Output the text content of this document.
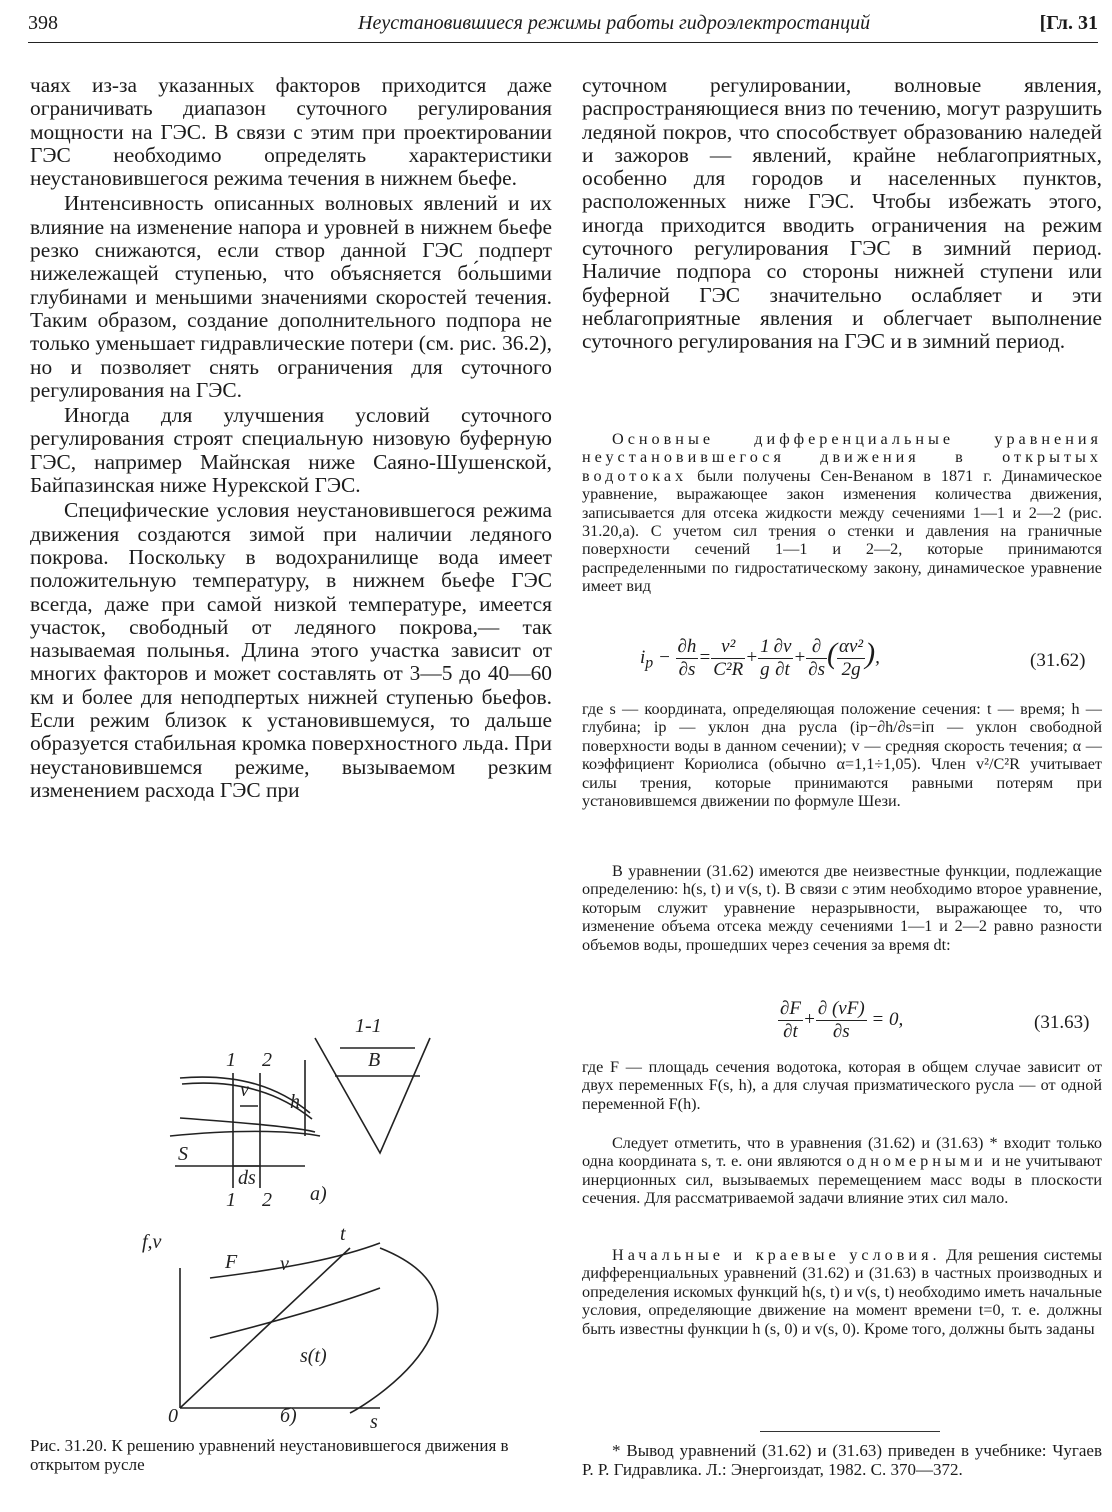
398	Неустановившиеся режимы работы гидроэлектростанций	[Гл. 31

чаях из-за указанных факторов приходится даже ограничивать диапазон суточного регулирования мощности на ГЭС. В связи с этим при проектировании ГЭС необходимо определять характеристики неустановившегося режима течения в нижнем бьефе.

Интенсивность описанных волновых явлений и их влияние на изменение напора и уровней в нижнем бьефе резко снижаются, если створ данной ГЭС подперт нижележащей ступенью, что объясняется бо́льшими глубинами и меньшими значениями скоростей течения. Таким образом, создание дополнительного подпора не только уменьшает гидравлические потери (см. рис. 36.2), но и позволяет снять ограничения для суточного регулирования на ГЭС.

Иногда для улучшения условий суточного регулирования строят специальную низовую буферную ГЭС, например Майнская ниже Саяно-Шушенской, Байпазинская ниже Нурекской ГЭС.

Специфические условия неустановившегося режима движения создаются зимой при наличии ледяного покрова. Поскольку в водохранилище вода имеет положительную температуру, в нижнем бьефе ГЭС всегда, даже при самой низкой температуре, имеется участок, свободный от ледяного покрова,— так называемая полынья. Длина этого участка зависит от многих факторов и может составлять от 3—5 до 40—60 км и более для неподпертых нижней ступенью бьефов. Если режим близок к установившемуся, то дальше образуется стабильная кромка поверхностного льда. При неустановившемся режиме, вызываемом резким изменением расхода ГЭС при

суточном регулировании, волновые явления, распространяющиеся вниз по течению, могут разрушить ледяной покров, что способствует образованию наледей и зажоров — явлений, крайне неблагоприятных, особенно для городов и населенных пунктов, расположенных ниже ГЭС. Чтобы избежать этого, иногда приходится вводить ограничения на режим суточного регулирования ГЭС в зимний период. Наличие подпора со стороны нижней ступени или буферной ГЭС значительно ослабляет и эти неблагоприятные явления и облегчает выполнение суточного регулирования на ГЭС и в зимний период.

Основные дифференциальные уравнения неустановившегося движения в открытых водотоках были получены Сен-Венаном в 1871 г. Динамическое уравнение, выражающее закон изменения количества движения, записывается для отсека жидкости между сечениями 1—1 и 2—2 (рис. 31.20,а). С учетом сил трения о стенки и давления на граничные поверхности сечений 1—1 и 2—2, которые принимаются распределенными по гидростатическому закону, динамическое уравнение имеет вид

$i_р - \frac{\partial h}{\partial s} = \frac{\text{v²}}{\text{C²R}} + \frac{1}{g} \frac{\partial v}{\partial t} + \frac{\partial}{\partial s}$ ( $\frac{\text{αv²}}{2g}$ ),	(31.62)

где s — координата, определяющая положение сечения: t — время; h — глубина; iр — уклон дна русла (iр−∂h/∂s=iп — уклон свободной поверхности воды в данном сечении); v — средняя скорость течения; α — коэффициент Кориолиса (обычно α=1,1÷1,05). Член v²/C²R учитывает силы трения, которые принимаются равными потерям при установившемся движении по формуле Шези.

В уравнении (31.62) имеются две неизвестные функции, подлежащие определению: h(s, t) и v(s, t). В связи с этим необходимо второе уравнение, которым служит уравнение неразрывности, выражающее то, что изменение объема отсека между сечениями 1—1 и 2—2 равно разности объемов воды, прошедших через сечения за время dt:

$\frac{\partial F}{\partial t} + \frac{\partial (vF)}{\partial s} = 0$,	(31.63)

где F — площадь сечения водотока, которая в общем случае зависит от двух переменных F(s, h), а для случая призматического русла — от одной переменной F(h).

Следует отметить, что в уравнения (31.62) и (31.63) * входит только одна координата s, т. е. они являются одномерными и не учитывают инерционных сил, вызываемых перемещением масс воды в плоскости сечения. Для рассматриваемой задачи влияние этих сил мало.

Начальные и краевые условия. Для решения системы дифференциальных уравнений (31.62) и (31.63) в частных производных и определения искомых функций h(s, t) и v(s, t) необходимо иметь начальные условия, определяющие движение на момент времени t=0, т. е. должны быть известны функции h (s, 0) и v(s, 0). Кроме того, должны быть заданы

* Вывод уравнений (31.62) и (31.63) приведен в учебнике: Чугаев Р. Р. Гидравлика. Л.: Энергоиздат, 1982. С. 370—372.

Рис. 31.20. К решению уравнений неустановившегося движения в открытом русле
1 2
1 2
v
h
S
ds
a)
1-1
B
f,v
F v
t
s(t)
0	б)	s
